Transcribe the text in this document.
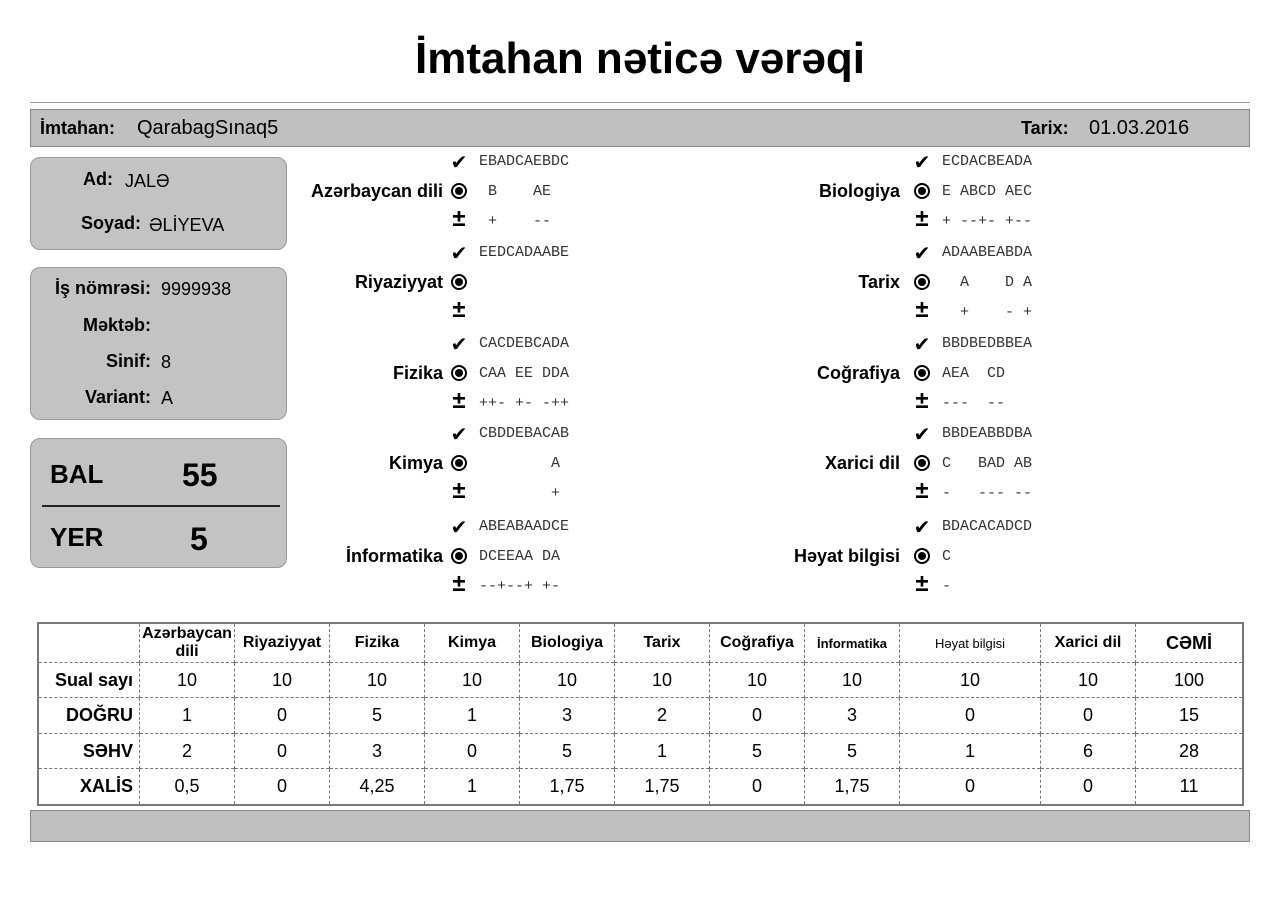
İmtahan nəticə vərəqi
İmtahan: QarabagSınaq5	Tarix: 01.03.2016
Ad: JALƏ
Soyad: ƏLİYEVA
İş nömrəsi: 9999938
Məktəb:
Sinif: 8
Variant: A
BAL 55
YER	5
✔ EBADCAEBDC
Azərbaycan dili B    AE
± +    --
✔ EEDCADAABE
Riyaziyyat
±
✔ CACDEBCADA
Fizika CAA EE DDA
± ++- +- -++
✔ CBDDEBACAB
Kimya A
± +
✔ ABEABAADCE
İnformatika DCEEAA DA
± --+--+ +-
✔ ECDACBEADA
Biologiya	E ABCD AEC
± + --+- +--
✔ ADAABEABDA
Tarix	A    D A
± +    - +
✔ BBDBEDBBEA
Coğrafiya	AEA  CD
± ---  --
✔ BBDEABBDBA
Xarici dil	C   BAD AB
± -   --- --
✔ BDACACADCD
Həyat bilgisi	C
± -
	Azərbaycan dili	Riyaziyyat	Fizika	Kimya	Biologiya	Tarix	Coğrafiya	İnformatika	Həyat bilgisi	Xarici dil	CƏMİ
Sual sayı	10	10	10	10	10	10	10	10	10	10	100
DOĞRU	1	0	5	1	3	2	0	3	0	0	15
SƏHV	2	0	3	0	5	1	5	5	1	6	28
XALİS	0,5	0	4,25	1	1,75	1,75	0	1,75	0	0	11
